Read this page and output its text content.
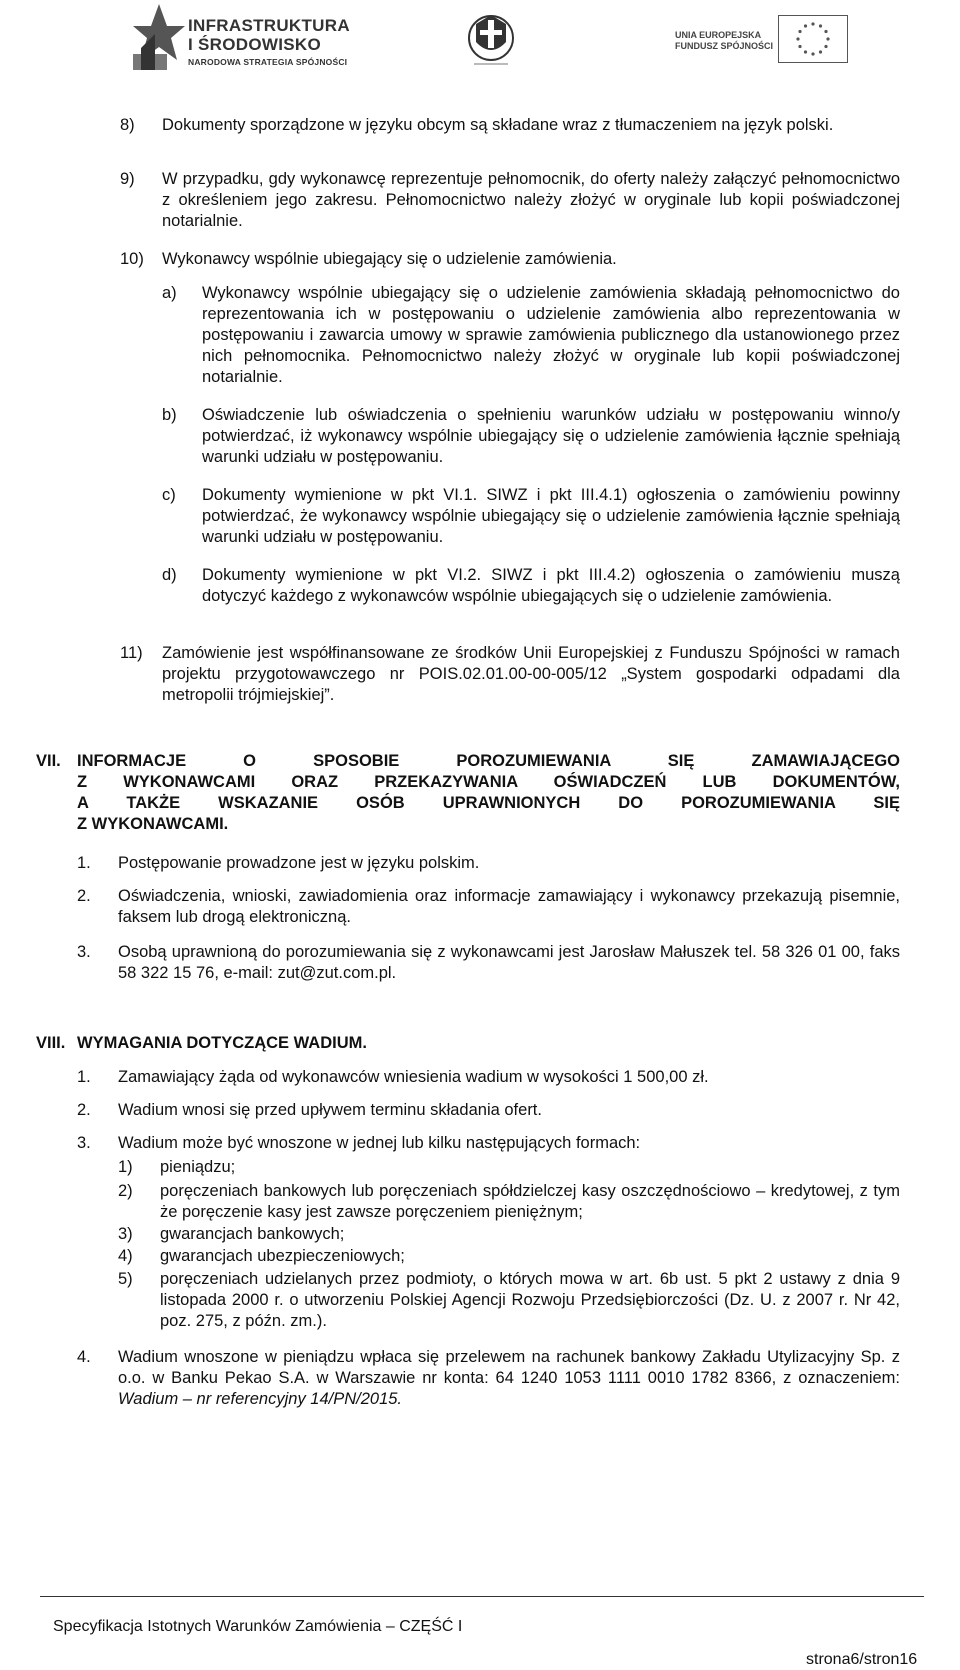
INFRASTRUKTURA
I ŚRODOWISKO
NARODOWA STRATEGIA SPÓJNOŚCI
UNIA EUROPEJSKA
FUNDUSZ SPÓJNOŚCI
8) Dokumenty sporządzone w języku obcym są składane wraz z tłumaczeniem na język polski.
9) W przypadku, gdy wykonawcę reprezentuje pełnomocnik, do oferty należy załączyć pełnomocnictwo z określeniem jego zakresu. Pełnomocnictwo należy złożyć w oryginale lub kopii poświadczonej notarialnie.
10) Wykonawcy wspólnie ubiegający się o udzielenie zamówienia.
a) Wykonawcy wspólnie ubiegający się o udzielenie zamówienia składają pełnomocnictwo do reprezentowania ich w postępowaniu o udzielenie zamówienia albo reprezentowania w postępowaniu i zawarcia umowy w sprawie zamówienia publicznego dla ustanowionego przez nich pełnomocnika. Pełnomocnictwo należy złożyć w oryginale lub kopii poświadczonej notarialnie.
b) Oświadczenie lub oświadczenia o spełnieniu warunków udziału w postępowaniu winno/y potwierdzać, iż wykonawcy wspólnie ubiegający się o udzielenie zamówienia łącznie spełniają warunki udziału w postępowaniu.
c) Dokumenty wymienione w pkt VI.1. SIWZ i pkt III.4.1) ogłoszenia o zamówieniu powinny potwierdzać, że wykonawcy wspólnie ubiegający się o udzielenie zamówienia łącznie spełniają warunki udziału w postępowaniu.
d) Dokumenty wymienione w pkt VI.2. SIWZ i pkt III.4.2) ogłoszenia o zamówieniu muszą dotyczyć każdego z wykonawców wspólnie ubiegających się o udzielenie zamówienia.
11) Zamówienie jest współfinansowane ze środków Unii Europejskiej z Funduszu Spójności w ramach projektu przygotowawczego nr POIS.02.01.00-00-005/12 „System gospodarki odpadami dla metropolii trójmiejskiej”.
VII. INFORMACJE O SPOSOBIE POROZUMIEWANIA SIĘ ZAMAWIAJĄCEGO
Z WYKONAWCAMI ORAZ PRZEKAZYWANIA OŚWIADCZEŃ LUB DOKUMENTÓW,
A TAKŻE WSKAZANIE OSÓB UPRAWNIONYCH DO POROZUMIEWANIA SIĘ
Z WYKONAWCAMI.
1. Postępowanie prowadzone jest w języku polskim.
2. Oświadczenia, wnioski, zawiadomienia oraz informacje zamawiający i wykonawcy przekazują pisemnie, faksem lub drogą elektroniczną.
3. Osobą uprawnioną do porozumiewania się z wykonawcami jest Jarosław Małuszek tel. 58 326 01 00, faks 58 322 15 76, e-mail: zut@zut.com.pl.
VIII. WYMAGANIA DOTYCZĄCE WADIUM.
1. Zamawiający żąda od wykonawców wniesienia wadium w wysokości 1 500,00 zł.
2. Wadium wnosi się przed upływem terminu składania ofert.
3. Wadium może być wnoszone w jednej lub kilku następujących formach:
1) pieniądzu;
2) poręczeniach bankowych lub poręczeniach spółdzielczej kasy oszczędnościowo – kredytowej, z tym że poręczenie kasy jest zawsze poręczeniem pieniężnym;
3) gwarancjach bankowych;
4) gwarancjach ubezpieczeniowych;
5) poręczeniach udzielanych przez podmioty, o których mowa w art. 6b ust. 5 pkt 2 ustawy z dnia 9 listopada 2000 r. o utworzeniu Polskiej Agencji Rozwoju Przedsiębiorczości (Dz. U. z 2007 r. Nr 42, poz. 275, z późn. zm.).
4. Wadium wnoszone w pieniądzu wpłaca się przelewem na rachunek bankowy Zakładu Utylizacyjny Sp. z o.o. w Banku Pekao S.A. w Warszawie nr konta: 64 1240 1053 1111 0010 1782 8366, z oznaczeniem: Wadium – nr referencyjny 14/PN/2015.
Specyfikacja Istotnych Warunków Zamówienia – CZĘŚĆ I
strona6/stron16
